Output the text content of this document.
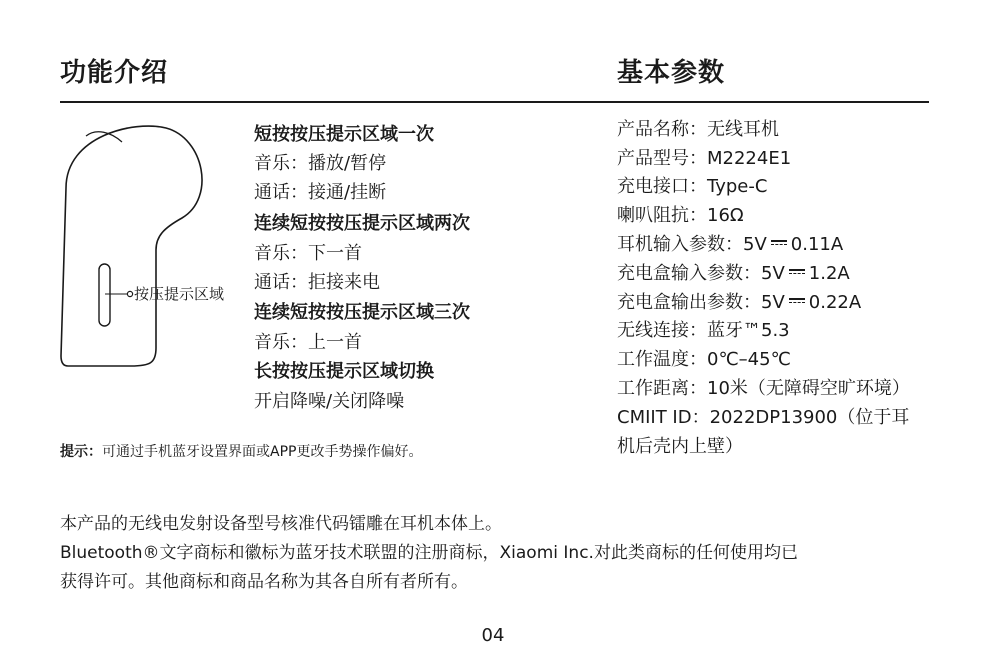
功能介绍	基本参数
按压提示区域
短按按压提示区域一次
音乐：播放/暂停
通话：接通/挂断
连续短按按压提示区域两次
音乐：下一首
通话：拒接来电
连续短按按压提示区域三次
音乐：上一首
长按按压提示区域切换
开启降噪/关闭降噪
提示：可通过手机蓝牙设置界面或APP更改手势操作偏好。
产品名称：无线耳机
产品型号：M2224E1
充电接口：Type-C
喇叭阻抗：16Ω
耳机输入参数：5V 0.11A
充电盒输入参数：5V 1.2A
充电盒输出参数：5V 0.22A
无线连接：蓝牙™5.3
工作温度：0℃–45℃
工作距离：10米（无障碍空旷环境）
CMIIT ID：2022DP13900（位于耳
机后壳内上壁）
本产品的无线电发射设备型号核准代码镭雕在耳机本体上。
Bluetooth®文字商标和徽标为蓝牙技术联盟的注册商标，Xiaomi Inc.对此类商标的任何使用均已
获得许可。其他商标和商品名称为其各自所有者所有。
04
